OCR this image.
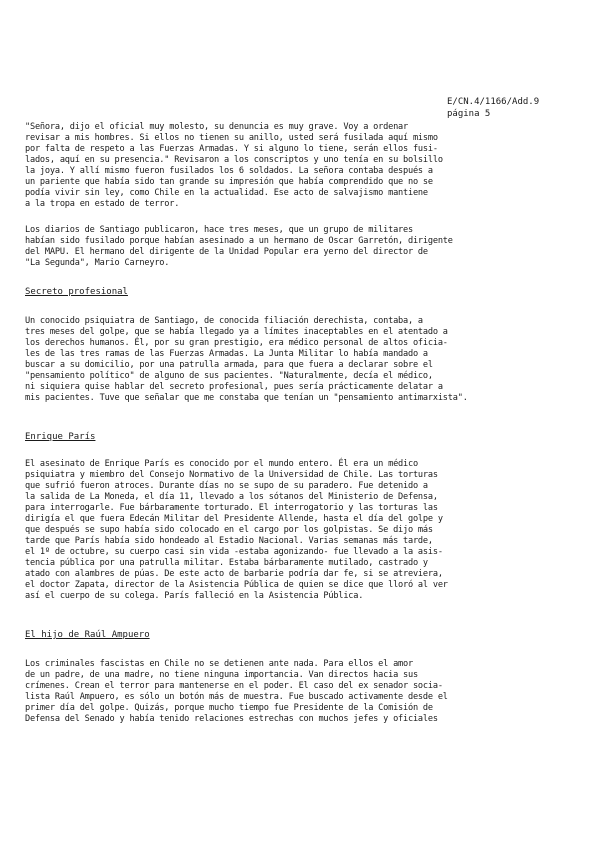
E/CN.4/1166/Add.9
página 5
"Señora, dijo el oficial muy molesto, su denuncia es muy grave. Voy a ordenar
revisar a mis hombres. Si ellos no tienen su anillo, usted será fusilada aquí mismo
por falta de respeto a las Fuerzas Armadas. Y si alguno lo tiene, serán ellos fusi-
lados, aquí en su presencia." Revisaron a los conscriptos y uno tenía en su bolsillo
la joya. Y allí mismo fueron fusilados los 6 soldados. La señora contaba después a
un pariente que había sido tan grande su impresión que había comprendido que no se
podía vivir sin ley, como Chile en la actualidad. Ese acto de salvajismo mantiene
a la tropa en estado de terror.
Los diarios de Santiago publicaron, hace tres meses, que un grupo de militares
habían sido fusilado porque habían asesinado a un hermano de Oscar Garretón, dirigente
del MAPU. El hermano del dirigente de la Unidad Popular era yerno del director de
"La Segunda", Mario Carneyro.
Secreto profesional
Un conocido psiquiatra de Santiago, de conocida filiación derechista, contaba, a
tres meses del golpe, que se había llegado ya a límites inaceptables en el atentado a
los derechos humanos. Él, por su gran prestigio, era médico personal de altos oficia-
les de las tres ramas de las Fuerzas Armadas. La Junta Militar lo había mandado a
buscar a su domicilio, por una patrulla armada, para que fuera a declarar sobre el
"pensamiento político" de alguno de sus pacientes. "Naturalmente, decía el médico,
ni siquiera quise hablar del secreto profesional, pues sería prácticamente delatar a
mis pacientes. Tuve que señalar que me constaba que tenían un "pensamiento antimarxista".
Enrique París
El asesinato de Enrique París es conocido por el mundo entero. Él era un médico
psiquiatra y miembro del Consejo Normativo de la Universidad de Chile. Las torturas
que sufrió fueron atroces. Durante días no se supo de su paradero. Fue detenido a
la salida de La Moneda, el día 11, llevado a los sótanos del Ministerio de Defensa,
para interrogarle. Fue bárbaramente torturado. El interrogatorio y las torturas las
dirigía el que fuera Edecán Militar del Presidente Allende, hasta el día del golpe y
que después se supo había sido colocado en el cargo por los golpistas. Se dijo más
tarde que París había sido hondeado al Estadio Nacional. Varias semanas más tarde,
el 1º de octubre, su cuerpo casi sin vida -estaba agonizando- fue llevado a la asis-
tencia pública por una patrulla militar. Estaba bárbaramente mutilado, castrado y
atado con alambres de púas. De este acto de barbarie podría dar fe, si se atreviera,
el doctor Zapata, director de la Asistencia Pública de quien se dice que lloró al ver
así el cuerpo de su colega. París falleció en la Asistencia Pública.
El hijo de Raúl Ampuero
Los criminales fascistas en Chile no se detienen ante nada. Para ellos el amor
de un padre, de una madre, no tiene ninguna importancia. Van directos hacia sus
crímenes. Crean el terror para mantenerse en el poder. El caso del ex senador socia-
lista Raúl Ampuero, es sólo un botón más de muestra. Fue buscado activamente desde el
primer día del golpe. Quizás, porque mucho tiempo fue Presidente de la Comisión de
Defensa del Senado y había tenido relaciones estrechas con muchos jefes y oficiales
